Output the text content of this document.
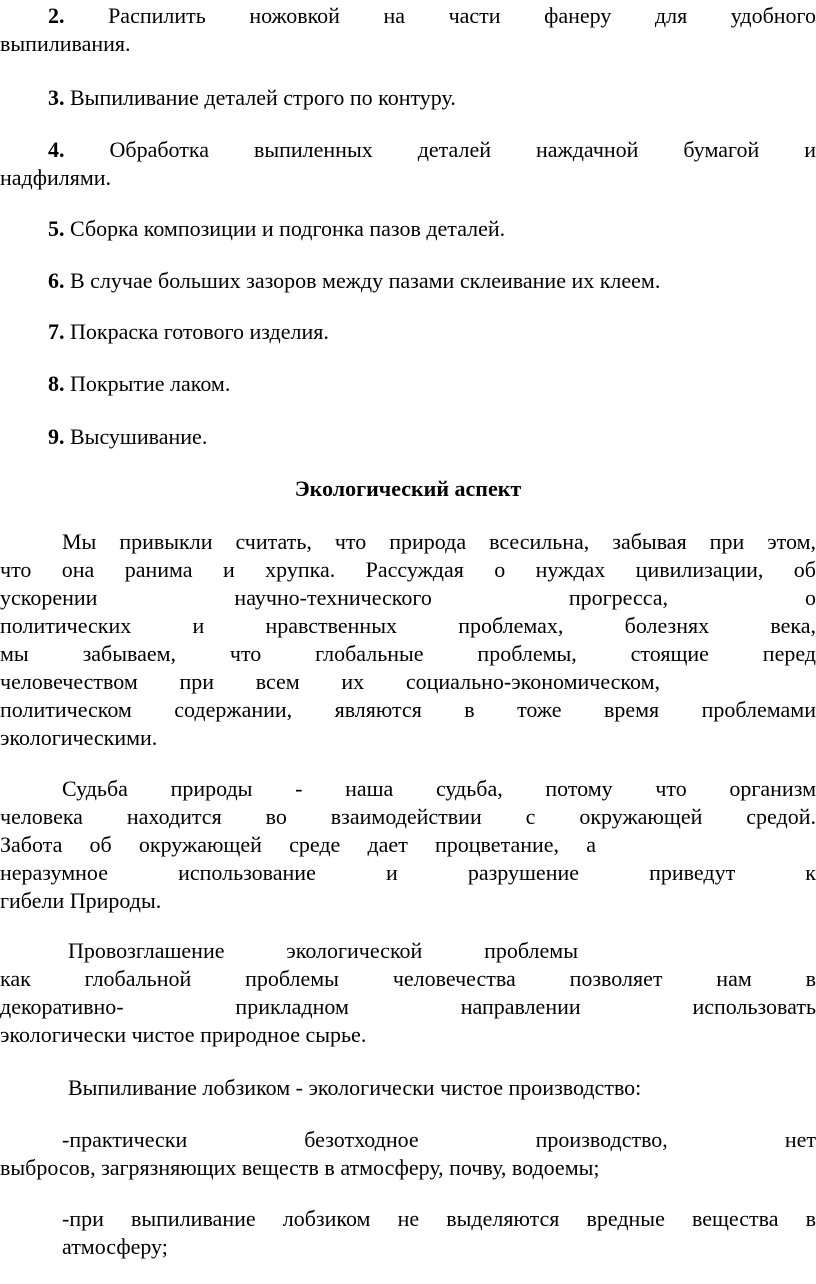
2. Распилить ножовкой на части фанеру для удобного
выпиливания.
3. Выпиливание деталей строго по контуру.
4. Обработка выпиленных деталей наждачной бумагой и
надфилями.
5. Сборка композиции и подгонка пазов деталей.
6. В случае больших зазоров между пазами склеивание их клеем.
7. Покраска готового изделия.
8. Покрытие лаком.
9. Высушивание.
Экологический аспект
Мы привыкли считать, что природа всесильна, забывая при этом,
что она ранима и хрупка. Рассуждая о нуждах цивилизации, об
ускорении научно-технического прогресса, о
политических и нравственных проблемах, болезнях века,
мы забываем, что глобальные проблемы, стоящие перед
человечеством при всем их социально-экономическом,
политическом содержании, являются в тоже время проблемами
экологическими.
Судьба природы - наша судьба, потому что организм
человека находится во взаимодействии с окружающей средой.
Забота об окружающей среде дает процветание, а
неразумное использование и разрушение приведут к
гибели Природы.
Провозглашение экологической проблемы
как глобальной проблемы человечества позволяет нам в
декоративно- прикладном направлении использовать
экологически чистое природное сырье.
Выпиливание лобзиком - экологически чистое производство:
-практически безотходное производство, нет
выбросов, загрязняющих веществ в атмосферу, почву, водоемы;
-при выпиливание лобзиком не выделяются вредные вещества в
атмосферу;
